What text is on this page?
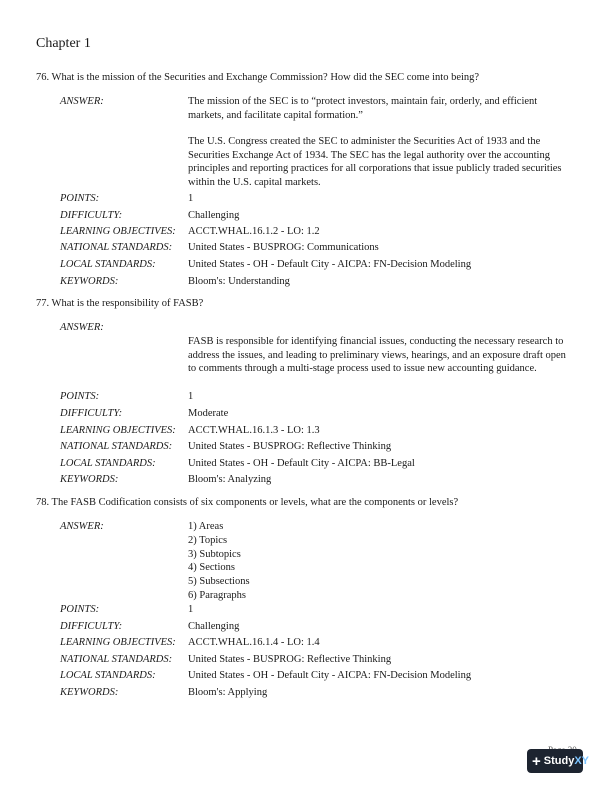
Chapter 1
76. What is the mission of the Securities and Exchange Commission? How did the SEC come into being?
ANSWER:	The mission of the SEC is to “protect investors, maintain fair, orderly, and efficient markets, and facilitate capital formation.”
The U.S. Congress created the SEC to administer the Securities Act of 1933 and the Securities Exchange Act of 1934. The SEC has the legal authority over the accounting principles and reporting practices for all corporations that issue publicly traded securities within the U.S. capital markets.
POINTS:	1
DIFFICULTY:	Challenging
LEARNING OBJECTIVES: ACCT.WHAL.16.1.2 - LO: 1.2
NATIONAL STANDARDS: United States - BUSPROG: Communications
LOCAL STANDARDS:	United States - OH - Default City - AICPA: FN-Decision Modeling
KEYWORDS:	Bloom's: Understanding
77. What is the responsibility of FASB?
ANSWER:
FASB is responsible for identifying financial issues, conducting the necessary research to address the issues, and leading to preliminary views, hearings, and an exposure draft open to comments through a multi-stage process used to issue new accounting guidance.
POINTS:	1
DIFFICULTY:	Moderate
LEARNING OBJECTIVES: ACCT.WHAL.16.1.3 - LO: 1.3
NATIONAL STANDARDS: United States - BUSPROG: Reflective Thinking
LOCAL STANDARDS:	United States - OH - Default City - AICPA: BB-Legal
KEYWORDS:	Bloom's: Analyzing
78. The FASB Codification consists of six components or levels, what are the components or levels?
ANSWER:	1) Areas
2) Topics
3) Subtopics
4) Sections
5) Subsections
6) Paragraphs
POINTS:	1
DIFFICULTY:	Challenging
LEARNING OBJECTIVES: ACCT.WHAL.16.1.4 - LO: 1.4
NATIONAL STANDARDS: United States - BUSPROG: Reflective Thinking
LOCAL STANDARDS:	United States - OH - Default City - AICPA: FN-Decision Modeling
KEYWORDS:	Bloom's: Applying
+ Study XY
